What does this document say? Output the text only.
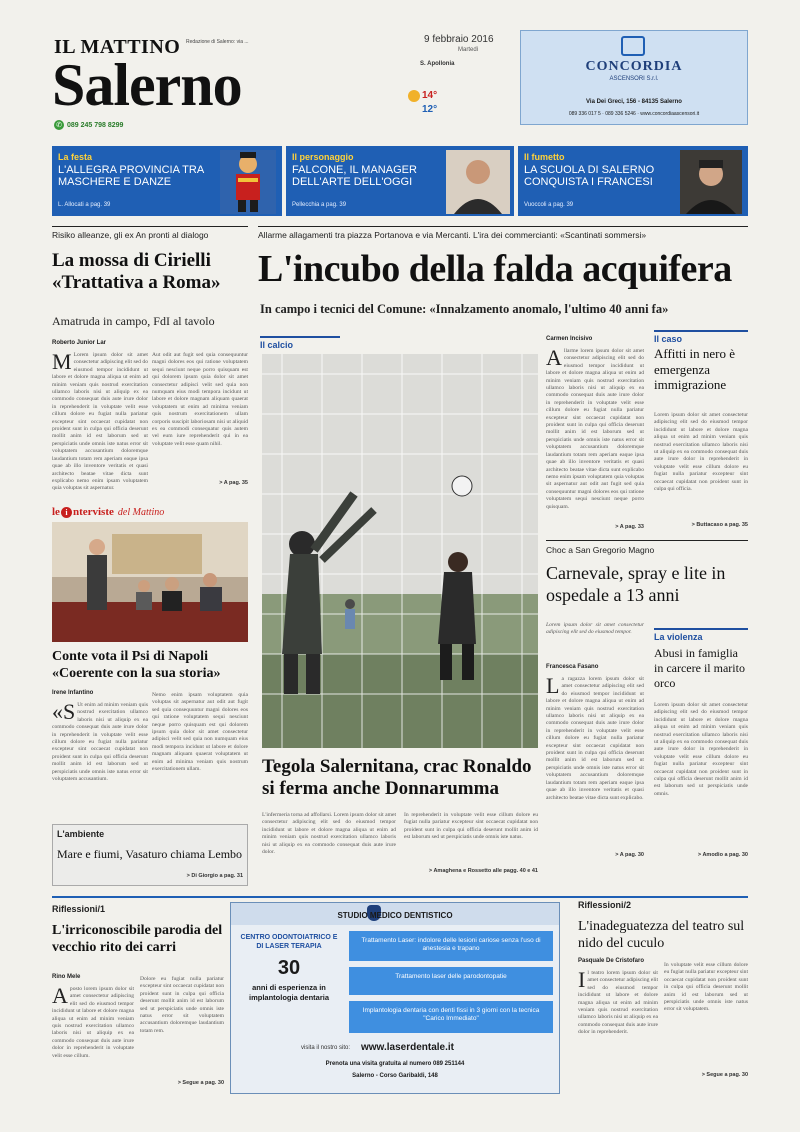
IL MATTINO Redazione di Salerno: via ...
Salerno
✆ 089 245 798 8299
9 febbraio 2016
Martedì
S. Apollonia
14°
12°
CONCORDIA
ASCENSORI S.r.l.
Via Dei Greci, 156 - 84135 Salerno
089 336 017 5 · 089 336 5246 · www.concordiaascensori.it
La festa
L'ALLEGRA PROVINCIA TRA MASCHERE E DANZE
L. Allocati a pag. 39
Il personaggio
FALCONE, IL MANAGER DELL'ARTE DELL'OGGI
Pellecchia a pag. 39
Il fumetto
LA SCUOLA DI SALERNO CONQUISTA I FRANCESI
Vuoccoli a pag. 39
Risiko alleanze, gli ex An pronti al dialogo
La mossa di Cirielli «Trattativa a Roma»
Amatruda in campo, FdI al tavolo
Roberto Junior Lar
M Lorem ipsum dolor sit amet consectetur adipiscing elit sed do eiusmod tempor incididunt ut labore et dolore magna aliqua ut enim ad minim veniam quis nostrud exercitation ullamco laboris nisi ut aliquip ex ea commodo consequat duis aute irure dolor in reprehenderit in voluptate velit esse cillum dolore eu fugiat nulla pariatur excepteur sint occaecat cupidatat non proident sunt in culpa qui officia deserunt mollit anim id est laborum sed ut perspiciatis unde omnis iste natus error sit voluptatem accusantium doloremque laudantium totam rem aperiam eaque ipsa quae ab illo inventore veritatis et quasi architecto beatae vitae dicta sunt explicabo nemo enim ipsam voluptatem quia voluptas sit aspernatur.
Aut odit aut fugit sed quia consequuntur magni dolores eos qui ratione voluptatem sequi nesciunt neque porro quisquam est qui dolorem ipsum quia dolor sit amet consectetur adipisci velit sed quia non numquam eius modi tempora incidunt ut labore et dolore magnam aliquam quaerat voluptatem ut enim ad minima veniam quis nostrum exercitationem ullam corporis suscipit laboriosam nisi ut aliquid ex ea commodi consequatur quis autem vel eum iure reprehenderit qui in ea voluptate velit esse quam nihil.
> A pag. 35
le i nterviste del Mattino
Conte vota il Psi di Napoli «Coerente con la sua storia»
Irene Infantino
«S Ut enim ad minim veniam quis nostrud exercitation ullamco laboris nisi ut aliquip ex ea commodo consequat duis aute irure dolor in reprehenderit in voluptate velit esse cillum dolore eu fugiat nulla pariatur excepteur sint occaecat cupidatat non proident sunt in culpa qui officia deserunt mollit anim id est laborum sed ut perspiciatis unde omnis iste natus error sit voluptatem accusantium.
Nemo enim ipsam voluptatem quia voluptas sit aspernatur aut odit aut fugit sed quia consequuntur magni dolores eos qui ratione voluptatem sequi nesciunt neque porro quisquam est qui dolorem ipsum quia dolor sit amet consectetur adipisci velit sed quia non numquam eius modi tempora incidunt ut labore et dolore magnam aliquam quaerat voluptatem ut enim ad minima veniam quis nostrum exercitationem ullam.
L'ambiente
Mare e fiumi, Vasaturo chiama Lembo
> Di Giorgio a pag. 31
Allarme allagamenti tra piazza Portanova e via Mercanti. L'ira dei commercianti: «Scantinati sommersi»
L'incubo della falda acquifera
In campo i tecnici del Comune: «Innalzamento anomalo, l'ultimo 40 anni fa»
Il calcio
Tegola Salernitana, crac Ronaldo si ferma anche Donnarumma
L'infermeria torna ad affollarsi. Lorem ipsum dolor sit amet consectetur adipiscing elit sed do eiusmod tempor incididunt ut labore et dolore magna aliqua ut enim ad minim veniam quis nostrud exercitation ullamco laboris nisi ut aliquip ex ea commodo consequat duis aute irure dolor.
In reprehenderit in voluptate velit esse cillum dolore eu fugiat nulla pariatur excepteur sint occaecat cupidatat non proident sunt in culpa qui officia deserunt mollit anim id est laborum sed ut perspiciatis unde omnis iste natus.
> Amaghena e Rossetto alle pagg. 40 e 41
Carmen Incisivo
Allarme lorem ipsum dolor sit amet consectetur adipiscing elit sed do eiusmod tempor incididunt ut labore et dolore magna aliqua ut enim ad minim veniam quis nostrud exercitation ullamco laboris nisi ut aliquip ex ea commodo consequat duis aute irure dolor in reprehenderit in voluptate velit esse cillum dolore eu fugiat nulla pariatur excepteur sint occaecat cupidatat non proident sunt in culpa qui officia deserunt mollit anim id est laborum sed ut perspiciatis unde omnis iste natus error sit voluptatem accusantium doloremque laudantium totam rem aperiam eaque ipsa quae ab illo inventore veritatis et quasi architecto beatae vitae dicta sunt explicabo nemo enim ipsam voluptatem quia voluptas sit aspernatur aut odit aut fugit sed quia consequuntur magni dolores eos qui ratione voluptatem sequi nesciunt neque porro quisquam.
> A pag. 33
Il caso
Affitti in nero è emergenza immigrazione
Lorem ipsum dolor sit amet consectetur adipiscing elit sed do eiusmod tempor incididunt ut labore et dolore magna aliqua ut enim ad minim veniam quis nostrud exercitation ullamco laboris nisi ut aliquip ex ea commodo consequat duis aute irure dolor in reprehenderit in voluptate velit esse cillum dolore eu fugiat nulla pariatur excepteur sint occaecat cupidatat non proident sunt in culpa qui officia.
> Buttacaso a pag. 35
Choc a San Gregorio Magno
Carnevale, spray e lite in ospedale a 13 anni
Lorem ipsum dolor sit amet consectetur adipiscing elit sed do eiusmod tempor.
Francesca Fasano
La ragazza lorem ipsum dolor sit amet consectetur adipiscing elit sed do eiusmod tempor incididunt ut labore et dolore magna aliqua ut enim ad minim veniam quis nostrud exercitation ullamco laboris nisi ut aliquip ex ea commodo consequat duis aute irure dolor in reprehenderit in voluptate velit esse cillum dolore eu fugiat nulla pariatur excepteur sint occaecat cupidatat non proident sunt in culpa qui officia deserunt mollit anim id est laborum sed ut perspiciatis unde omnis iste natus error sit voluptatem accusantium doloremque laudantium totam rem aperiam eaque ipsa quae ab illo inventore veritatis et quasi architecto beatae vitae dicta sunt explicabo.
> A pag. 30
La violenza
Abusi in famiglia in carcere il marito orco
Lorem ipsum dolor sit amet consectetur adipiscing elit sed do eiusmod tempor incididunt ut labore et dolore magna aliqua ut enim ad minim veniam quis nostrud exercitation ullamco laboris nisi ut aliquip ex ea commodo consequat duis aute irure dolor in reprehenderit in voluptate velit esse cillum dolore eu fugiat nulla pariatur excepteur sint occaecat cupidatat non proident sunt in culpa qui officia deserunt mollit anim id est laborum sed ut perspiciatis unde omnis.
> Amodio a pag. 30
Riflessioni/1
L'irriconoscibile parodia del vecchio rito dei carri
Rino Mele
Aposto lorem ipsum dolor sit amet consectetur adipiscing elit sed do eiusmod tempor incididunt ut labore et dolore magna aliqua ut enim ad minim veniam quis nostrud exercitation ullamco laboris nisi ut aliquip ex ea commodo consequat duis aute irure dolor in reprehenderit in voluptate velit esse cillum.
Dolore eu fugiat nulla pariatur excepteur sint occaecat cupidatat non proident sunt in culpa qui officia deserunt mollit anim id est laborum sed ut perspiciatis unde omnis iste natus error sit voluptatem accusantium doloremque laudantium totam rem.
> Segue a pag. 30
STUDIO MEDICO DENTISTICO
CENTRO ODONTOIATRICO E DI LASER TERAPIA
30
anni di esperienza in implantologia dentaria
Trattamento Laser: indolore delle lesioni cariose senza l'uso di anestesia e trapano
Trattamento laser delle parodontopatie
Implantologia dentaria con denti fissi in 3 giorni con la tecnica "Carico Immediato"
visita il nostro sito: www.laserdentale.it
Prenota una visita gratuita al numero 089 251144
Salerno - Corso Garibaldi, 148
Riflessioni/2
L'inadeguatezza del teatro sul nido del cuculo
Pasquale De Cristofaro
Il teatro lorem ipsum dolor sit amet consectetur adipiscing elit sed do eiusmod tempor incididunt ut labore et dolore magna aliqua ut enim ad minim veniam quis nostrud exercitation ullamco laboris nisi ut aliquip ex ea commodo consequat duis aute irure dolor in reprehenderit.
In voluptate velit esse cillum dolore eu fugiat nulla pariatur excepteur sint occaecat cupidatat non proident sunt in culpa qui officia deserunt mollit anim id est laborum sed ut perspiciatis unde omnis iste natus error sit voluptatem.
> Segue a pag. 30
